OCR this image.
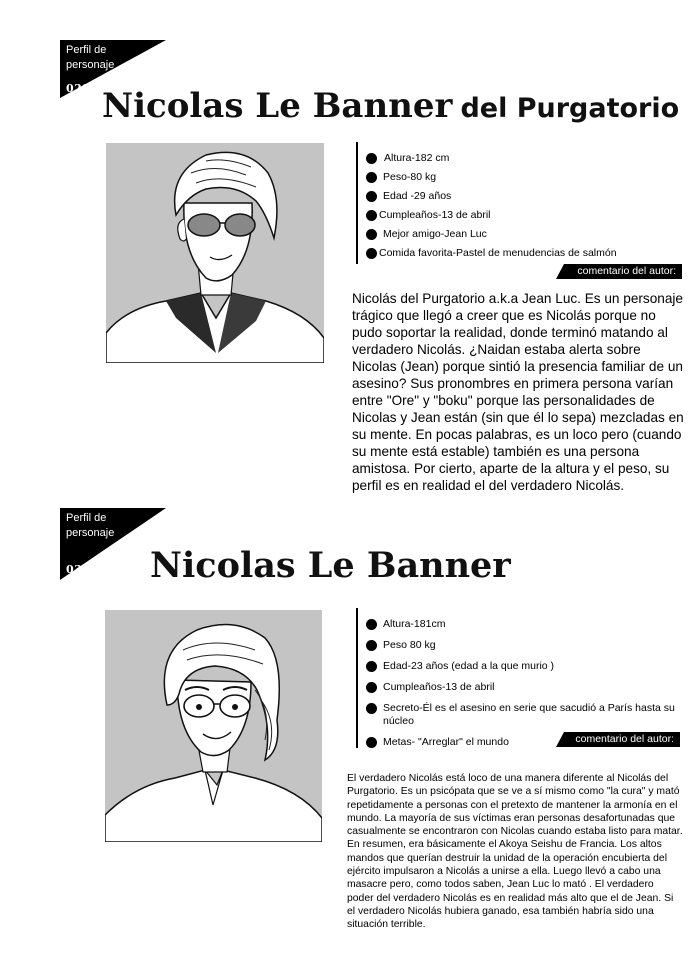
Perfil de personaje
029 Nicolas Le Banner del Purgatorio
Altura-182 cm
Peso-80 kg
Edad -29 años
Cumpleaños-13 de abril
Mejor amigo-Jean Luc
Comida favorita-Pastel de menudencias de salmón
comentario del autor:

Nicolás del Purgatorio a.k.a Jean Luc. Es un personaje trágico que llegó a creer que es Nicolás porque no pudo soportar la realidad, donde terminó matando al verdadero Nicolás. ¿Naidan estaba alerta sobre Nicolas (Jean) porque sintió la presencia familiar de un asesino? Sus pronombres en primera persona varían entre "Ore" y "boku" porque las personalidades de Nicolas y Jean están (sin que él lo sepa) mezcladas en su mente. En pocas palabras, es un loco pero (cuando su mente está estable) también es una persona amistosa. Por cierto, aparte de la altura y el peso, su perfil es en realidad el del verdadero Nicolás.

Perfil de personaje
030 Nicolas Le Banner
Altura-181cm
Peso 80 kg
Edad-23 años (edad a la que murio )
Cumpleaños-13 de abril
Secreto-Él es el asesino en serie que sacudió a París hasta su núcleo
Metas- "Arreglar" el mundo	comentario del autor:

El verdadero Nicolás está loco de una manera diferente al Nicolás del Purgatorio. Es un psicópata que se ve a sí mismo como "la cura" y mató repetidamente a personas con el pretexto de mantener la armonía en el mundo. La mayoría de sus víctimas eran personas desafortunadas que casualmente se encontraron con Nicolas cuando estaba listo para matar. En resumen, era básicamente el Akoya Seishu de Francia. Los altos mandos que querían destruir la unidad de la operación encubierta del ejército impulsaron a Nicolás a unirse a ella. Luego llevó a cabo una masacre pero, como todos saben, Jean Luc lo mató . El verdadero poder del verdadero Nicolás es en realidad más alto que el de Jean. Si el verdadero Nicolás hubiera ganado, esa también habría sido una situación terrible.
